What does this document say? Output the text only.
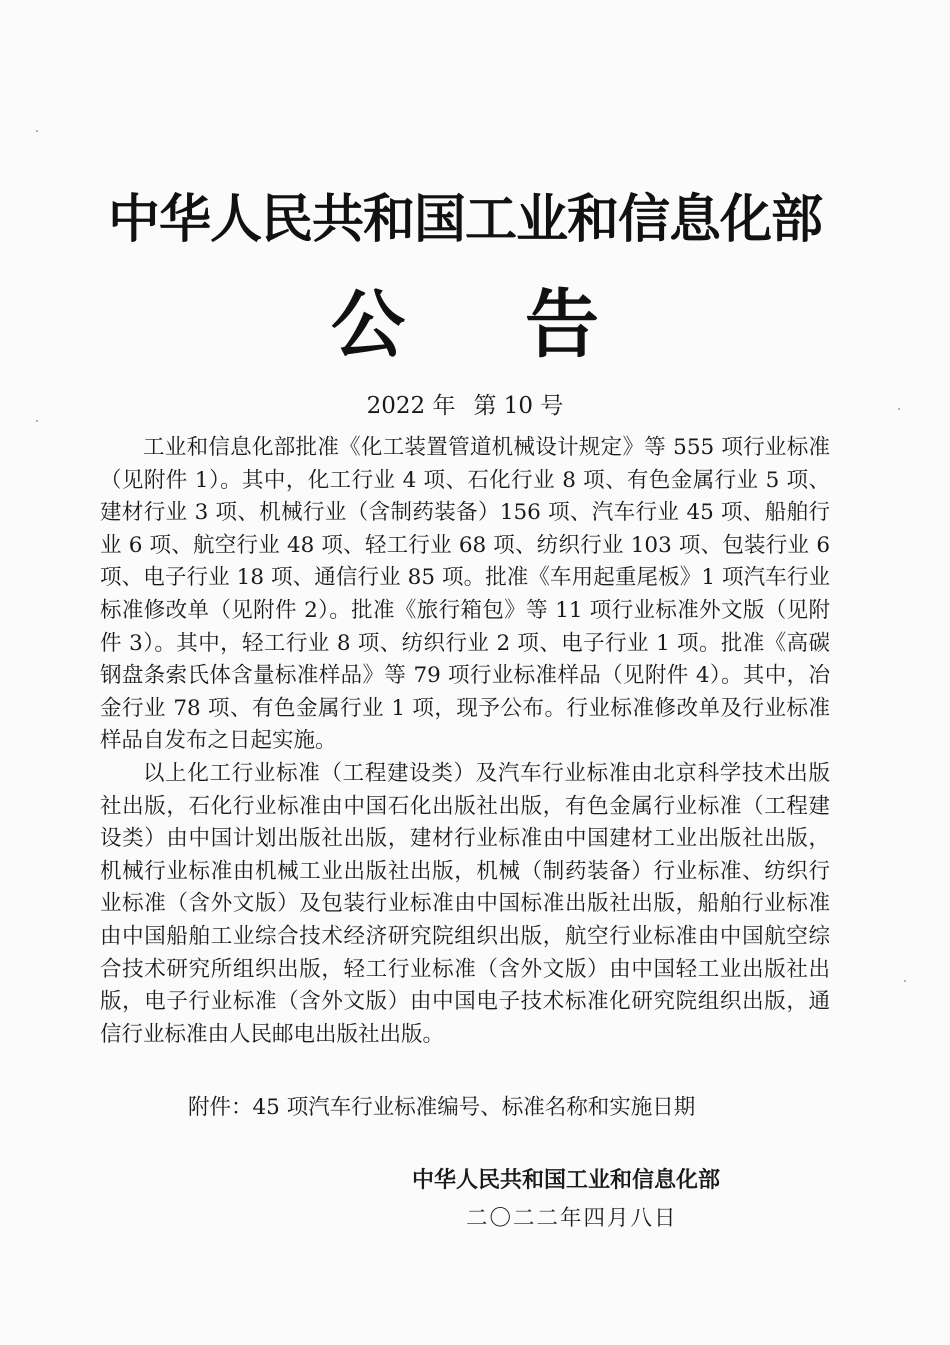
中华人民共和国工业和信息化部
公告
2022 年 第 10 号

工业和信息化部批准《化工装置管道机械设计规定》等 555 项行业标准（见附件 1）。其中，化工行业 4 项、石化行业 8 项、有色金属行业 5 项、建材行业 3 项、机械行业（含制药装备）156 项、汽车行业 45 项、船舶行业 6 项、航空行业 48 项、轻工行业 68 项、纺织行业 103 项、包装行业 6 项、电子行业 18 项、通信行业 85 项。批准《车用起重尾板》1 项汽车行业标准修改单（见附件 2）。批准《旅行箱包》等 11 项行业标准外文版（见附件 3）。其中，轻工行业 8 项、纺织行业 2 项、电子行业 1 项。批准《高碳钢盘条索氏体含量标准样品》等 79 项行业标准样品（见附件 4）。其中，冶金行业 78 项、有色金属行业 1 项，现予公布。行业标准修改单及行业标准样品自发布之日起实施。

以上化工行业标准（工程建设类）及汽车行业标准由北京科学技术出版社出版，石化行业标准由中国石化出版社出版，有色金属行业标准（工程建设类）由中国计划出版社出版，建材行业标准由中国建材工业出版社出版，机械行业标准由机械工业出版社出版，机械（制药装备）行业标准、纺织行业标准（含外文版）及包装行业标准由中国标准出版社出版，船舶行业标准由中国船舶工业综合技术经济研究院组织出版，航空行业标准由中国航空综合技术研究所组织出版，轻工行业标准（含外文版）由中国轻工业出版社出版，电子行业标准（含外文版）由中国电子技术标准化研究院组织出版，通信行业标准由人民邮电出版社出版。

附件：45 项汽车行业标准编号、标准名称和实施日期
中华人民共和国工业和信息化部
二〇二二年四月八日
